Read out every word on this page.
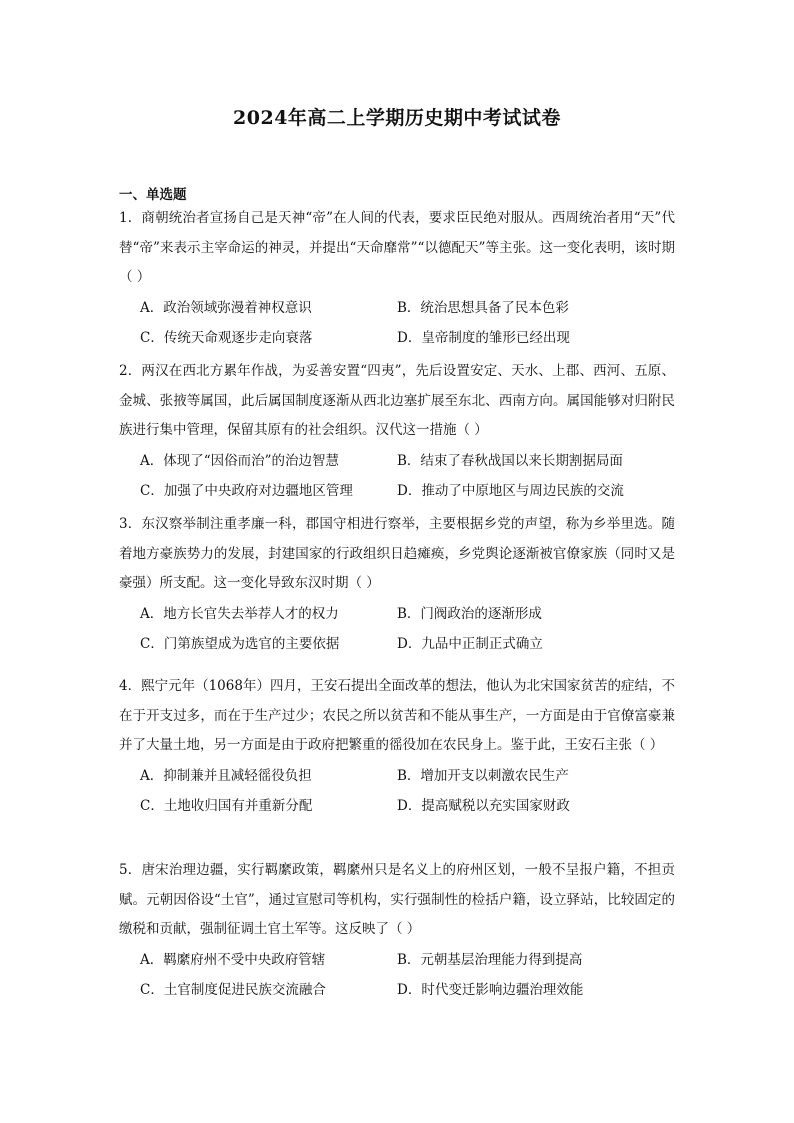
2024年高二上学期历史期中考试试卷
一、单选题
1．商朝统治者宣扬自己是天神“帝”在人间的代表，要求臣民绝对服从。西周统治者用“天”代替“帝”来表示主宰命运的神灵，并提出“天命靡常”“以德配天”等主张。这一变化表明，该时期（ ）
A．政治领域弥漫着神权意识	B．统治思想具备了民本色彩
C．传统天命观逐步走向衰落	D．皇帝制度的雏形已经出现
2．两汉在西北方累年作战，为妥善安置“四夷”，先后设置安定、天水、上郡、西河、五原、金城、张掖等属国，此后属国制度逐渐从西北边塞扩展至东北、西南方向。属国能够对归附民族进行集中管理，保留其原有的社会组织。汉代这一措施（ ）
A．体现了“因俗而治”的治边智慧	B．结束了春秋战国以来长期割据局面
C．加强了中央政府对边疆地区管理	D．推动了中原地区与周边民族的交流
3．东汉察举制注重孝廉一科，郡国守相进行察举，主要根据乡党的声望，称为乡举里选。随着地方豪族势力的发展，封建国家的行政组织日趋瘫痪，乡党舆论逐渐被官僚家族（同时又是豪强）所支配。这一变化导致东汉时期（ ）
A．地方长官失去举荐人才的权力	B．门阀政治的逐渐形成
C．门第族望成为选官的主要依据	D．九品中正制正式确立
4．熙宁元年（1068年）四月，王安石提出全面改革的想法，他认为北宋国家贫苦的症结，不在于开支过多，而在于生产过少；农民之所以贫苦和不能从事生产，一方面是由于官僚富豪兼并了大量土地，另一方面是由于政府把繁重的徭役加在农民身上。鉴于此，王安石主张（ ）
A．抑制兼并且减轻徭役负担	B．增加开支以刺激农民生产
C．土地收归国有并重新分配	D．提高赋税以充实国家财政
5．唐宋治理边疆，实行羁縻政策，羁縻州只是名义上的府州区划，一般不呈报户籍，不担贡赋。元朝因俗设“土官”，通过宣慰司等机构，实行强制性的检括户籍，设立驿站，比较固定的缴税和贡献，强制征调土官土军等。这反映了（ ）
A．羁縻府州不受中央政府管辖	B．元朝基层治理能力得到提高
C．土官制度促进民族交流融合	D．时代变迁影响边疆治理效能
